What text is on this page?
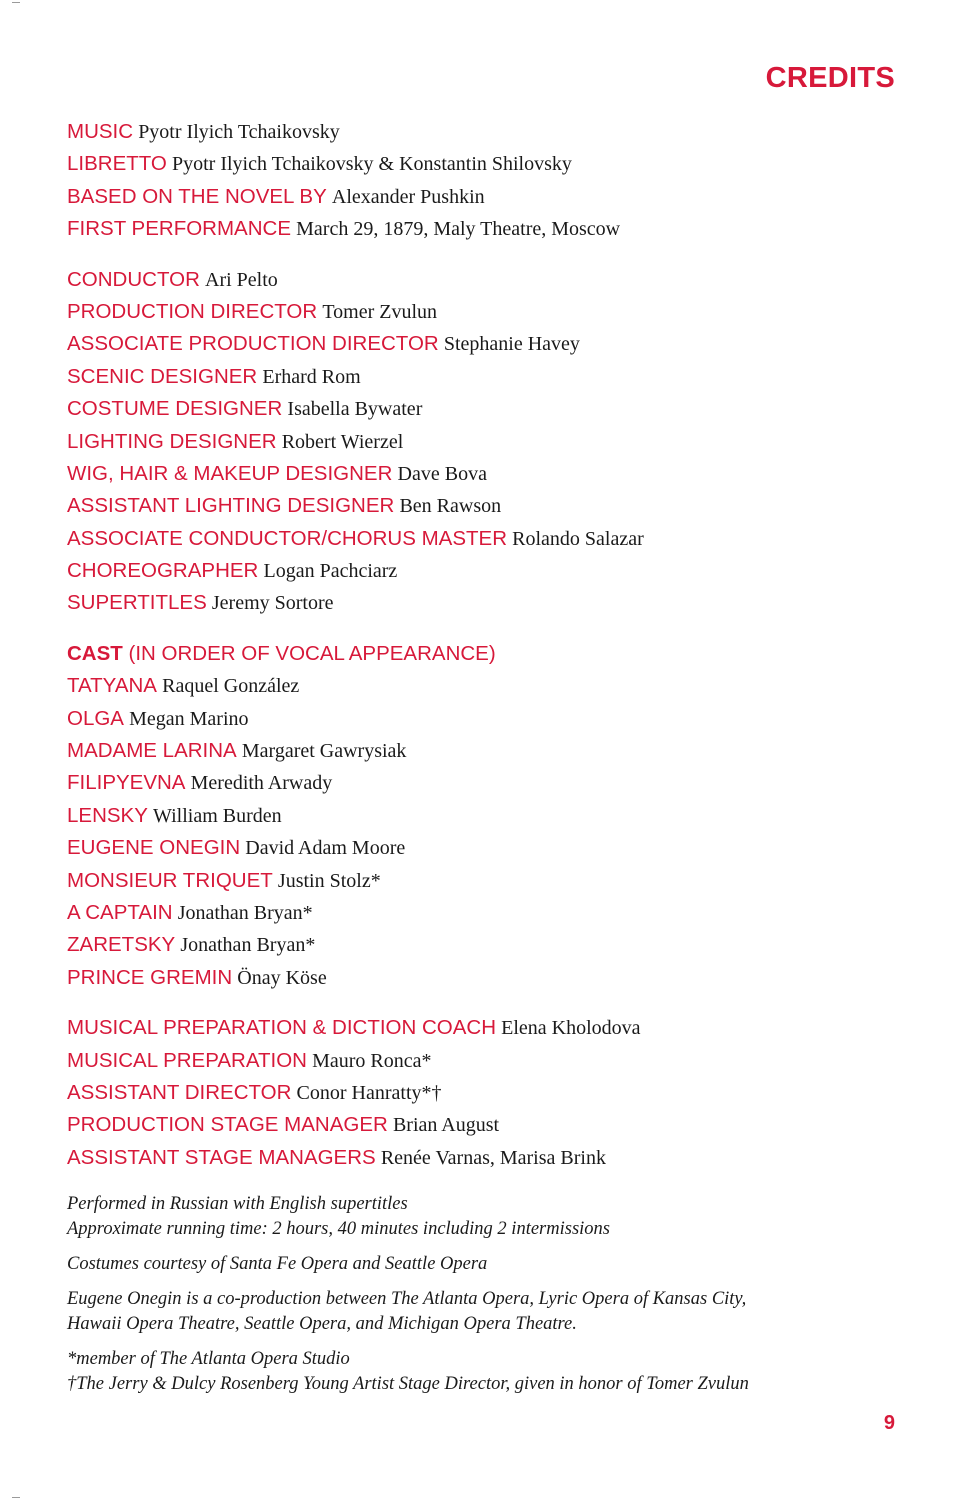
CREDITS
MUSIC Pyotr Ilyich Tchaikovsky
LIBRETTO Pyotr Ilyich Tchaikovsky & Konstantin Shilovsky
BASED ON THE NOVEL BY Alexander Pushkin
FIRST PERFORMANCE March 29, 1879, Maly Theatre, Moscow
CONDUCTOR Ari Pelto
PRODUCTION DIRECTOR Tomer Zvulun
ASSOCIATE PRODUCTION DIRECTOR Stephanie Havey
SCENIC DESIGNER Erhard Rom
COSTUME DESIGNER Isabella Bywater
LIGHTING DESIGNER Robert Wierzel
WIG, HAIR & MAKEUP DESIGNER Dave Bova
ASSISTANT LIGHTING DESIGNER Ben Rawson
ASSOCIATE CONDUCTOR/CHORUS MASTER Rolando Salazar
CHOREOGRAPHER Logan Pachciarz
SUPERTITLES Jeremy Sortore
CAST (IN ORDER OF VOCAL APPEARANCE)
TATYANA Raquel González
OLGA Megan Marino
MADAME LARINA Margaret Gawrysiak
FILIPYEVNA Meredith Arwady
LENSKY William Burden
EUGENE ONEGIN David Adam Moore
MONSIEUR TRIQUET Justin Stolz*
A CAPTAIN Jonathan Bryan*
ZARETSKY Jonathan Bryan*
PRINCE GREMIN Önay Köse
MUSICAL PREPARATION & DICTION COACH Elena Kholodova
MUSICAL PREPARATION Mauro Ronca*
ASSISTANT DIRECTOR Conor Hanratty*†
PRODUCTION STAGE MANAGER Brian August
ASSISTANT STAGE MANAGERS Renée Varnas, Marisa Brink
Performed in Russian with English supertitles
Approximate running time: 2 hours, 40 minutes including 2 intermissions
Costumes courtesy of Santa Fe Opera and Seattle Opera
Eugene Onegin is a co-production between The Atlanta Opera, Lyric Opera of Kansas City,
Hawaii Opera Theatre, Seattle Opera, and Michigan Opera Theatre.
*member of The Atlanta Opera Studio
†The Jerry & Dulcy Rosenberg Young Artist Stage Director, given in honor of Tomer Zvulun
9
